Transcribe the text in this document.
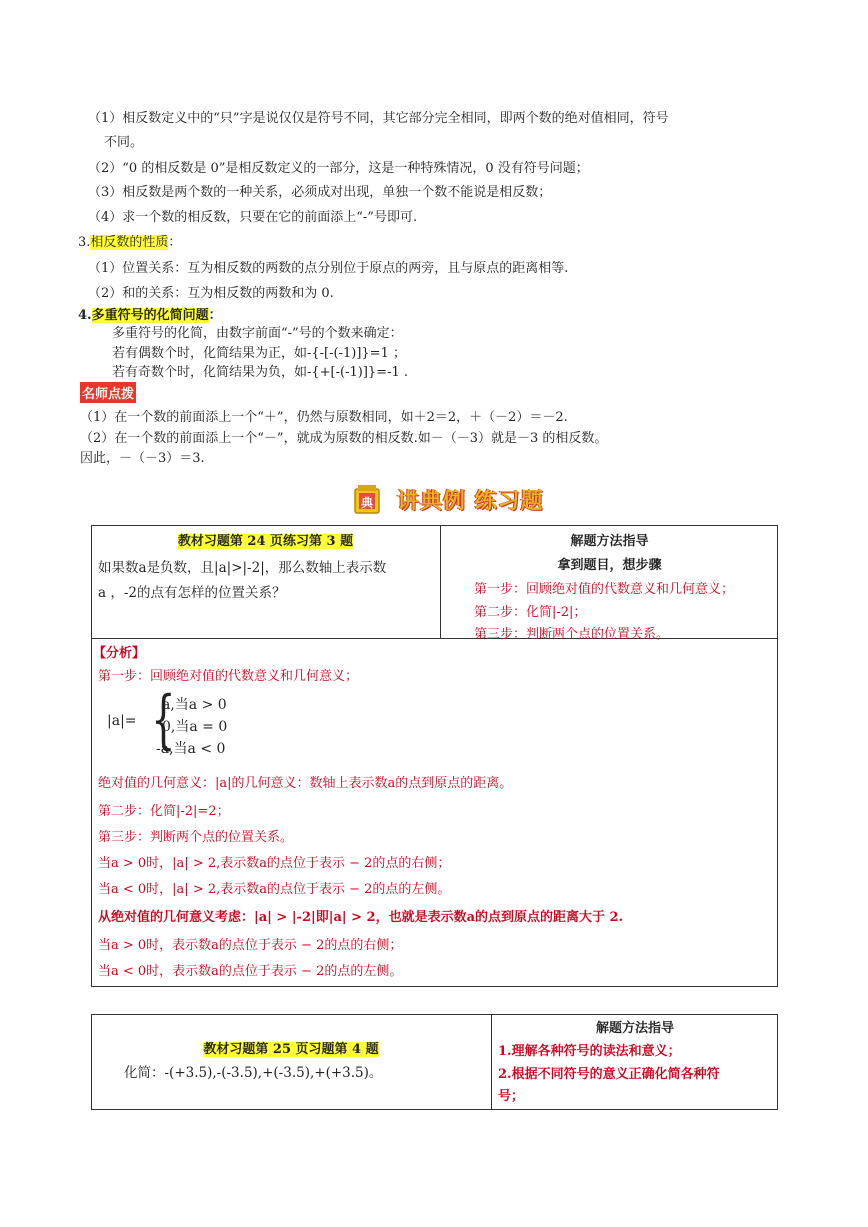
（1）相反数定义中的“只”字是说仅仅是符号不同，其它部分完全相同，即两个数的绝对值相同，符号
不同。
（2）“0 的相反数是 0”是相反数定义的一部分，这是一种特殊情况，0 没有符号问题；
（3）相反数是两个数的一种关系，必须成对出现，单独一个数不能说是相反数；
（4）求一个数的相反数，只要在它的前面添上“-”号即可.
3.相反数的性质：
（1）位置关系：互为相反数的两数的点分别位于原点的两旁，且与原点的距离相等.
（2）和的关系：互为相反数的两数和为 0.
4.多重符号的化简问题：
多重符号的化简，由数字前面“-”号的个数来确定：
若有偶数个时，化简结果为正，如-{-[-(-1)]}=1 ；
若有奇数个时，化简结果为负，如-{+[-(-1)]}=-1 .
名师点拨
（1）在一个数的前面添上一个“＋”，仍然与原数相同，如＋2＝2，＋（－2）＝－2.
（2）在一个数的前面添上一个“－”，就成为原数的相反数.如－（－3）就是－3 的相反数。
因此，－（－3）＝3.
典 讲典例 练习题
教材习题第 24 页练习第 3 题
如果数a是负数，且|a|>|-2|，那么数轴上表示数
a ，-2的点有怎样的位置关系？
解题方法指导
拿到题目，想步骤
第一步：回顾绝对值的代数意义和几何意义；
第二步：化简|-2|；
第三步：判断两个点的位置关系。
【分析】
第一步：回顾绝对值的代数意义和几何意义；
|a|= {
a,当a > 0
0,当a = 0
-a,当a < 0
绝对值的几何意义：|a|的几何意义：数轴上表示数a的点到原点的距离。
第二步：化简|-2|=2；
第三步：判断两个点的位置关系。
当a > 0时，|a| > 2,表示数a的点位于表示 − 2的点的右侧；
当a < 0时，|a| > 2,表示数a的点位于表示 − 2的点的左侧。
从绝对值的几何意义考虑：|a| > |-2|即|a| > 2，也就是表示数a的点到原点的距离大于 2.
当a > 0时，表示数a的点位于表示 − 2的点的右侧；
当a < 0时，表示数a的点位于表示 − 2的点的左侧。
教材习题第 25 页习题第 4 题
化简：-(+3.5),-(-3.5),+(-3.5),+(+3.5)。
解题方法指导
1.理解各种符号的读法和意义；
2.根据不同符号的意义正确化简各种符
号；
